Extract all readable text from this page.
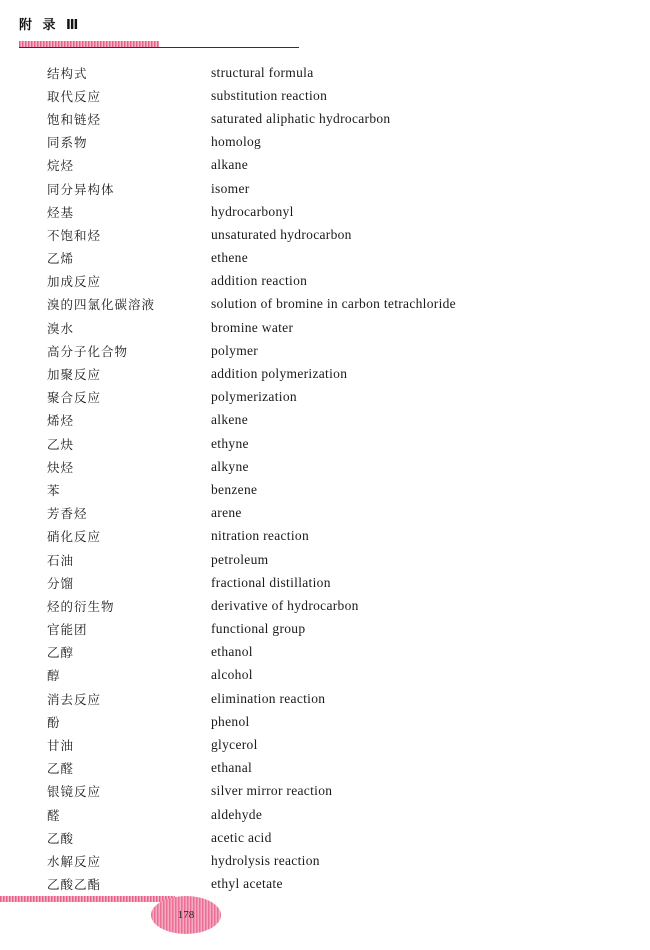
附 录 Ⅲ
结构式	structural formula
取代反应	substitution reaction
饱和链烃	saturated aliphatic hydrocarbon
同系物	homolog
烷烃	alkane
同分异构体	isomer
烃基	hydrocarbonyl
不饱和烃	unsaturated hydrocarbon
乙烯	ethene
加成反应	addition reaction
溴的四氯化碳溶液	solution of bromine in carbon tetrachloride
溴水	bromine water
高分子化合物	polymer
加聚反应	addition polymerization
聚合反应	polymerization
烯烃	alkene
乙炔	ethyne
炔烃	alkyne
苯	benzene
芳香烃	arene
硝化反应	nitration reaction
石油	petroleum
分馏	fractional distillation
烃的衍生物	derivative of hydrocarbon
官能团	functional group
乙醇	ethanol
醇	alcohol
消去反应	elimination reaction
酚	phenol
甘油	glycerol
乙醛	ethanal
银镜反应	silver mirror reaction
醛	aldehyde
乙酸	acetic acid
水解反应	hydrolysis reaction
乙酸乙酯	ethyl acetate
178
